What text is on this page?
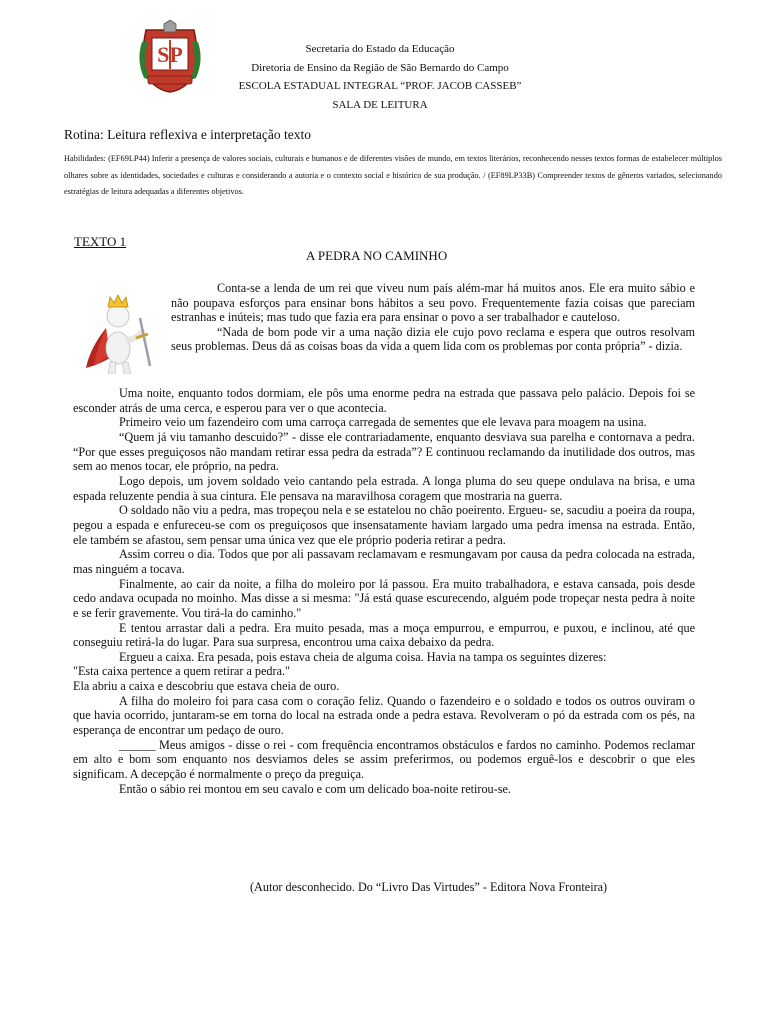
SP	Secretaria do Estado da Educação
Diretoria de Ensino da Região de São Bernardo do Campo
ESCOLA ESTADUAL INTEGRAL “PROF. JACOB CASSEB”
SALA DE LEITURA
Rotina: Leitura reflexiva e interpretação texto
Habilidades: (EF69LP44) Inferir a presença de valores sociais, culturais e humanos e de diferentes visões de mundo, em textos literários, reconhecendo nesses textos formas de estabelecer múltiplos olhares sobre as identidades, sociedades e culturas e considerando a autoria e o contexto social e histórico de sua produção. / (EF89LP33B) Compreender textos de gêneros variados, selecionando estratégias de leitura adequadas a diferentes objetivos.
TEXTO 1
A PEDRA NO CAMINHO

Conta-se a lenda de um rei que viveu num país além-mar há muitos anos. Ele era muito sábio e não poupava esforços para ensinar bons hábitos a seu povo. Frequentemente fazia coisas que pareciam estranhas e inúteis; mas tudo que fazia era para ensinar o povo a ser trabalhador e cauteloso.

“Nada de bom pode vir a uma nação dizia ele cujo povo reclama e espera que outros resolvam seus problemas. Deus dá as coisas boas da vida a quem lida com os problemas por conta própria” - dizia.

Uma noite, enquanto todos dormiam, ele pôs uma enorme pedra na estrada que passava pelo palácio. Depois foi se esconder atrás de uma cerca, e esperou para ver o que acontecia.

Primeiro veio um fazendeiro com uma carroça carregada de sementes que ele levava para moagem na usina.

“Quem já viu tamanho descuido?” - disse ele contrariadamente, enquanto desviava sua parelha e contornava a pedra. “Por que esses preguiçosos não mandam retirar essa pedra da estrada”? E continuou reclamando da inutilidade dos outros, mas sem ao menos tocar, ele próprio, na pedra.

Logo depois, um jovem soldado veio cantando pela estrada. A longa pluma do seu quepe ondulava na brisa, e uma espada reluzente pendia à sua cintura. Ele pensava na maravilhosa coragem que mostraria na guerra.

O soldado não viu a pedra, mas tropeçou nela e se estatelou no chão poeirento. Ergueu- se, sacudiu a poeira da roupa, pegou a espada e enfureceu-se com os preguiçosos que insensatamente haviam largado uma pedra imensa na estrada. Então, ele também se afastou, sem pensar uma única vez que ele próprio poderia retirar a pedra.

Assim correu o dia. Todos que por ali passavam reclamavam e resmungavam por causa da pedra colocada na estrada, mas ninguém a tocava.

Finalmente, ao cair da noite, a filha do moleiro por lá passou. Era muito trabalhadora, e estava cansada, pois desde cedo andava ocupada no moinho. Mas disse a si mesma: "Já está quase escurecendo, alguém pode tropeçar nesta pedra à noite e se ferir gravemente. Vou tirá-la do caminho."

E tentou arrastar dali a pedra. Era muito pesada, mas a moça empurrou, e empurrou, e puxou, e inclinou, até que conseguiu retirá-la do lugar. Para sua surpresa, encontrou uma caixa debaixo da pedra.

Ergueu a caixa. Era pesada, pois estava cheia de alguma coisa. Havia na tampa os seguintes dizeres:

"Esta caixa pertence a quem retirar a pedra."

Ela abriu a caixa e descobriu que estava cheia de ouro.

A filha do moleiro foi para casa com o coração feliz. Quando o fazendeiro e o soldado e todos os outros ouviram o que havia ocorrido, juntaram-se em torna do local na estrada onde a pedra estava. Revolveram o pó da estrada com os pés, na esperança de encontrar um pedaço de ouro.

______ Meus amigos - disse o rei - com frequência encontramos obstáculos e fardos no caminho. Podemos reclamar em alto e bom som enquanto nos desviamos deles se assim preferirmos, ou podemos erguê-los e descobrir o que eles significam. A decepção é normalmente o preço da preguiça.

Então o sábio rei montou em seu cavalo e com um delicado boa-noite retirou-se.

(Autor desconhecido. Do “Livro Das Virtudes” - Editora Nova Fronteira)
